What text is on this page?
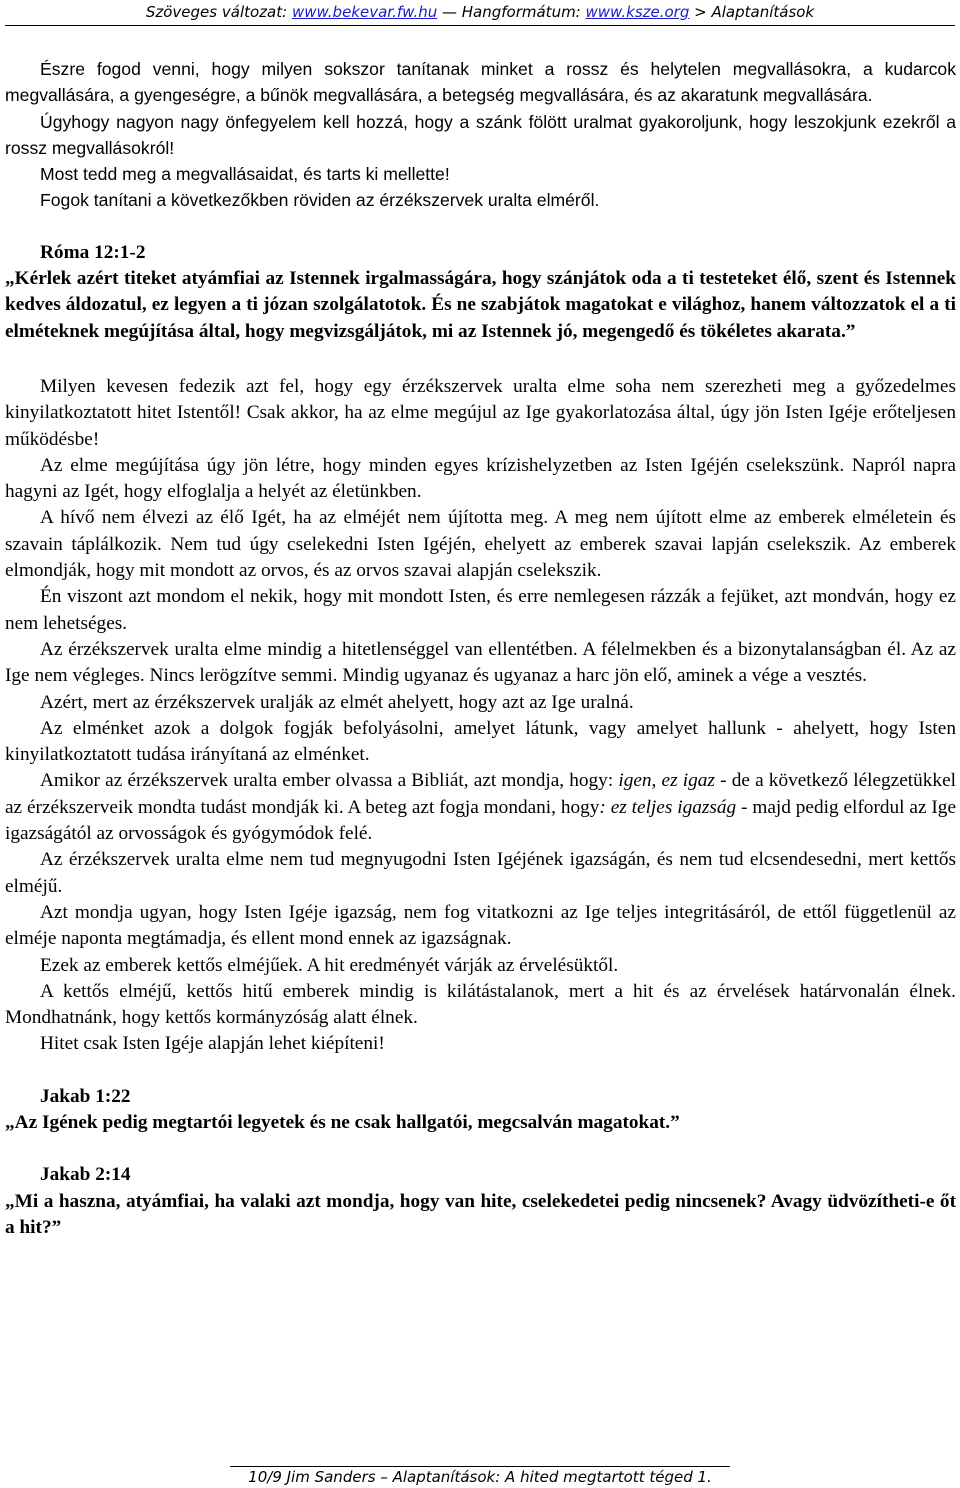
Szöveges változat: www.bekevar.fw.hu — Hangformátum: www.ksze.org > Alaptanítások

Észre fogod venni, hogy milyen sokszor tanítanak minket a rossz és helytelen megvallásokra, a kudarcok megvallására, a gyengeségre, a bűnök megvallására, a betegség megvallására, és az akaratunk megvallására.

Úgyhogy nagyon nagy önfegyelem kell hozzá, hogy a szánk fölött uralmat gyakoroljunk, hogy leszokjunk ezekről a rossz megvallásokról!

Most tedd meg a megvallásaidat, és tarts ki mellette!

Fogok tanítani a következőkben röviden az érzékszervek uralta elméről.

Róma 12:1-2

„Kérlek azért titeket atyámfiai az Istennek irgalmasságára, hogy szánjátok oda a ti testeteket élő, szent és Istennek kedves áldozatul, ez legyen a ti józan szolgálatotok. És ne szabjátok magatokat e világhoz, hanem változzatok el a ti elméteknek megújítása által, hogy megvizsgáljátok, mi az Istennek jó, megengedő és tökéletes akarata.”

Milyen kevesen fedezik azt fel, hogy egy érzékszervek uralta elme soha nem szerezheti meg a győzedelmes kinyilatkoztatott hitet Istentől! Csak akkor, ha az elme megújul az Ige gyakorlatozása által, úgy jön Isten Igéje erőteljesen működésbe!

Az elme megújítása úgy jön létre, hogy minden egyes krízishelyzetben az Isten Igéjén cselekszünk. Napról napra hagyni az Igét, hogy elfoglalja a helyét az életünkben.

A hívő nem élvezi az élő Igét, ha az elméjét nem újította meg. A meg nem újított elme az emberek elméletein és szavain táplálkozik. Nem tud úgy cselekedni Isten Igéjén, ehelyett az emberek szavai lapján cselekszik. Az emberek elmondják, hogy mit mondott az orvos, és az orvos szavai alapján cselekszik.

Én viszont azt mondom el nekik, hogy mit mondott Isten, és erre nemlegesen rázzák a fejüket, azt mondván, hogy ez nem lehetséges.

Az érzékszervek uralta elme mindig a hitetlenséggel van ellentétben. A félelmekben és a bizonytalanságban él. Az az Ige nem végleges. Nincs lerögzítve semmi. Mindig ugyanaz és ugyanaz a harc jön elő, aminek a vége a vesztés.

Azért, mert az érzékszervek uralják az elmét ahelyett, hogy azt az Ige uralná.

Az elménket azok a dolgok fogják befolyásolni, amelyet látunk, vagy amelyet hallunk - ahelyett, hogy Isten kinyilatkoztatott tudása irányítaná az elménket.

Amikor az érzékszervek uralta ember olvassa a Bibliát, azt mondja, hogy: igen, ez igaz - de a következő lélegzetükkel az érzékszerveik mondta tudást mondják ki. A beteg azt fogja mondani, hogy: ez teljes igazság - majd pedig elfordul az Ige igazságától az orvosságok és gyógymódok felé.

Az érzékszervek uralta elme nem tud megnyugodni Isten Igéjének igazságán, és nem tud elcsendesedni, mert kettős elméjű.

Azt mondja ugyan, hogy Isten Igéje igazság, nem fog vitatkozni az Ige teljes integritásáról, de ettől függetlenül az elméje naponta megtámadja, és ellent mond ennek az igazságnak.

Ezek az emberek kettős elméjűek. A hit eredményét várják az érvelésüktől.

A kettős elméjű, kettős hitű emberek mindig is kilátástalanok, mert a hit és az érvelések határvonalán élnek. Mondhatnánk, hogy kettős kormányzóság alatt élnek.

Hitet csak Isten Igéje alapján lehet kiépíteni!

Jakab 1:22

„Az Igének pedig megtartói legyetek és ne csak hallgatói, megcsalván magatokat.”

Jakab 2:14

„Mi a haszna, atyámfiai, ha valaki azt mondja, hogy van hite, cselekedetei pedig nincsenek? Avagy üdvözítheti-e őt a hit?”

10/9 Jim Sanders – Alaptanítások: A hited megtartott téged 1.
